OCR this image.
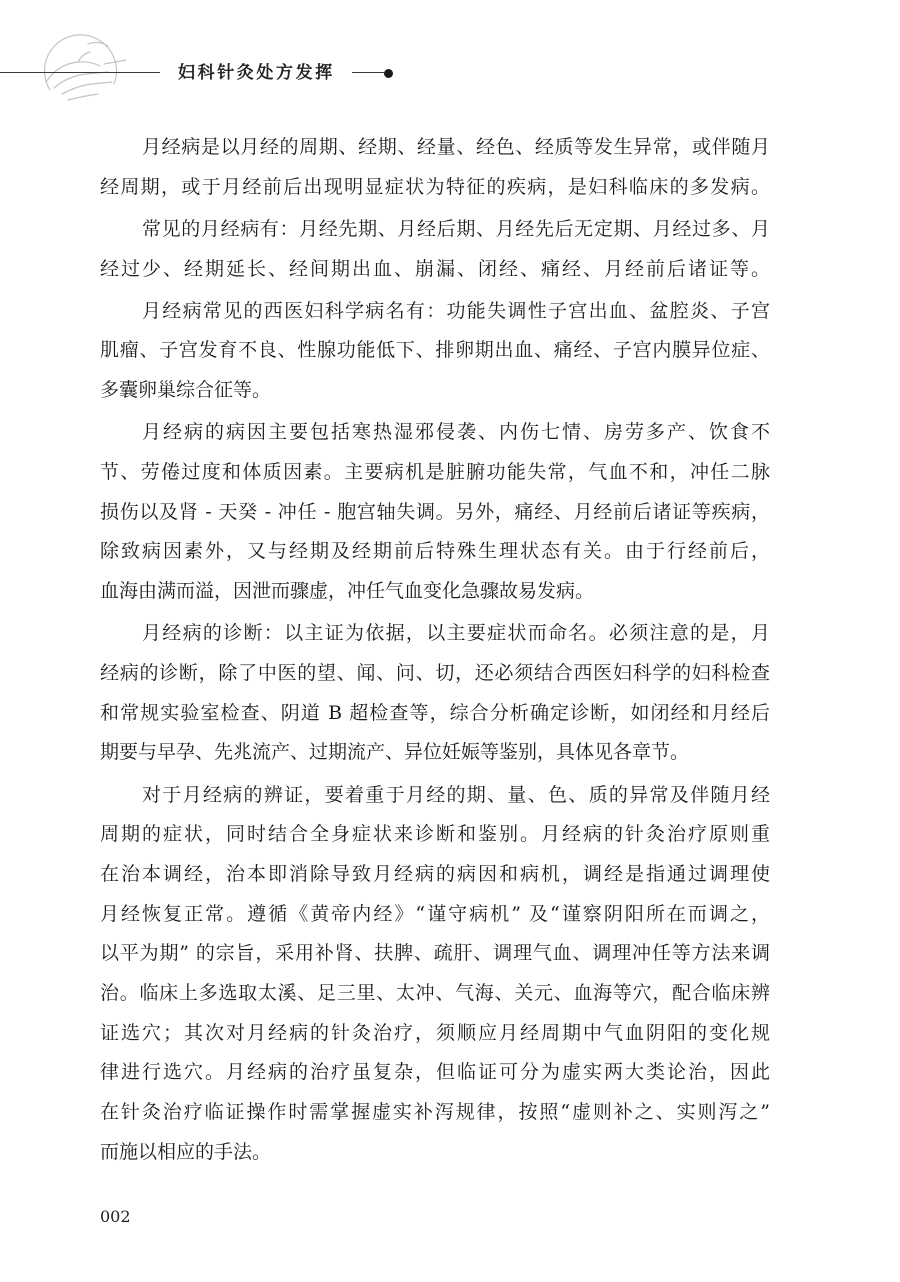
妇科针灸处方发挥
月经病是以月经的周期、经期、经量、经色、经质等发生异常，或伴随月
经周期，或于月经前后出现明显症状为特征的疾病，是妇科临床的多发病。
常见的月经病有：月经先期、月经后期、月经先后无定期、月经过多、月
经过少、经期延长、经间期出血、崩漏、闭经、痛经、月经前后诸证等。
月经病常见的西医妇科学病名有：功能失调性子宫出血、盆腔炎、子宫
肌瘤、子宫发育不良、性腺功能低下、排卵期出血、痛经、子宫内膜异位症、
多囊卵巢综合征等。
月经病的病因主要包括寒热湿邪侵袭、内伤七情、房劳多产、饮食不
节、劳倦过度和体质因素。主要病机是脏腑功能失常，气血不和，冲任二脉
损伤以及肾 - 天癸 - 冲任 - 胞宫轴失调。另外，痛经、月经前后诸证等疾病，
除致病因素外，又与经期及经期前后特殊生理状态有关。由于行经前后，
血海由满而溢，因泄而骤虚，冲任气血变化急骤故易发病。
月经病的诊断：以主证为依据，以主要症状而命名。必须注意的是，月
经病的诊断，除了中医的望、闻、问、切，还必须结合西医妇科学的妇科检查
和常规实验室检查、阴道 B 超检查等，综合分析确定诊断，如闭经和月经后
期要与早孕、先兆流产、过期流产、异位妊娠等鉴别，具体见各章节。
对于月经病的辨证，要着重于月经的期、量、色、质的异常及伴随月经
周期的症状，同时结合全身症状来诊断和鉴别。月经病的针灸治疗原则重
在治本调经，治本即消除导致月经病的病因和病机，调经是指通过调理使
月经恢复正常。遵循《黄帝内经》“谨守病机” 及“谨察阴阳所在而调之，
以平为期” 的宗旨，采用补肾、扶脾、疏肝、调理气血、调理冲任等方法来调
治。临床上多选取太溪、足三里、太冲、气海、关元、血海等穴，配合临床辨
证选穴；其次对月经病的针灸治疗，须顺应月经周期中气血阴阳的变化规
律进行选穴。月经病的治疗虽复杂，但临证可分为虚实两大类论治，因此
在针灸治疗临证操作时需掌握虚实补泻规律，按照“虚则补之、实则泻之”
而施以相应的手法。
002
